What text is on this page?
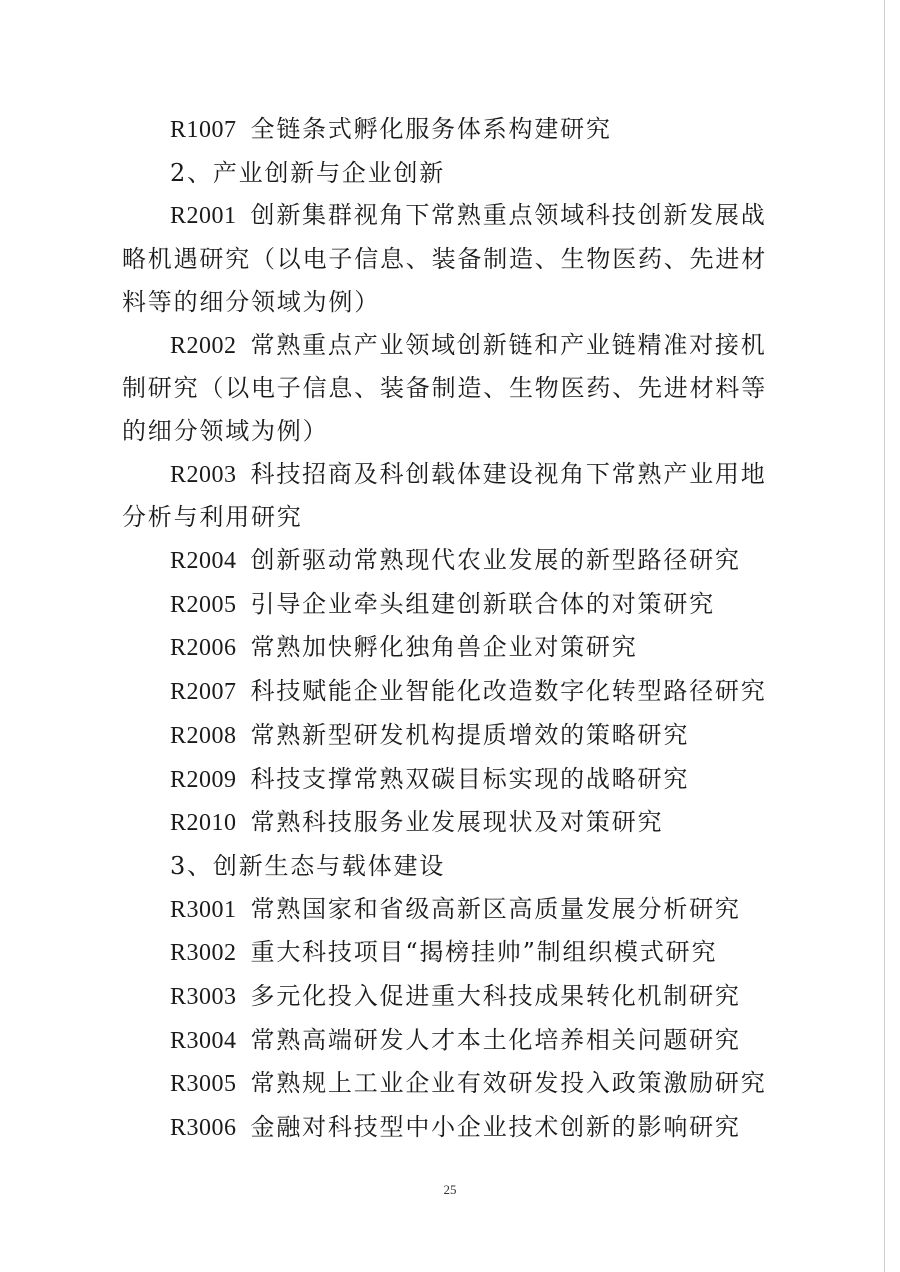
R1007 全链条式孵化服务体系构建研究
2、产业创新与企业创新

R2001 创新集群视角下常熟重点领域科技创新发展战略机遇研究（以电子信息、装备制造、生物医药、先进材料等的细分领域为例）

R2002 常熟重点产业领域创新链和产业链精准对接机制研究（以电子信息、装备制造、生物医药、先进材料等的细分领域为例）

R2003 科技招商及科创载体建设视角下常熟产业用地分析与利用研究

R2004 创新驱动常熟现代农业发展的新型路径研究
R2005 引导企业牵头组建创新联合体的对策研究
R2006 常熟加快孵化独角兽企业对策研究
R2007 科技赋能企业智能化改造数字化转型路径研究
R2008 常熟新型研发机构提质增效的策略研究
R2009 科技支撑常熟双碳目标实现的战略研究
R2010 常熟科技服务业发展现状及对策研究
3、创新生态与载体建设
R3001 常熟国家和省级高新区高质量发展分析研究
R3002 重大科技项目“揭榜挂帅”制组织模式研究
R3003 多元化投入促进重大科技成果转化机制研究
R3004 常熟高端研发人才本土化培养相关问题研究
R3005 常熟规上工业企业有效研发投入政策激励研究
R3006 金融对科技型中小企业技术创新的影响研究
25
